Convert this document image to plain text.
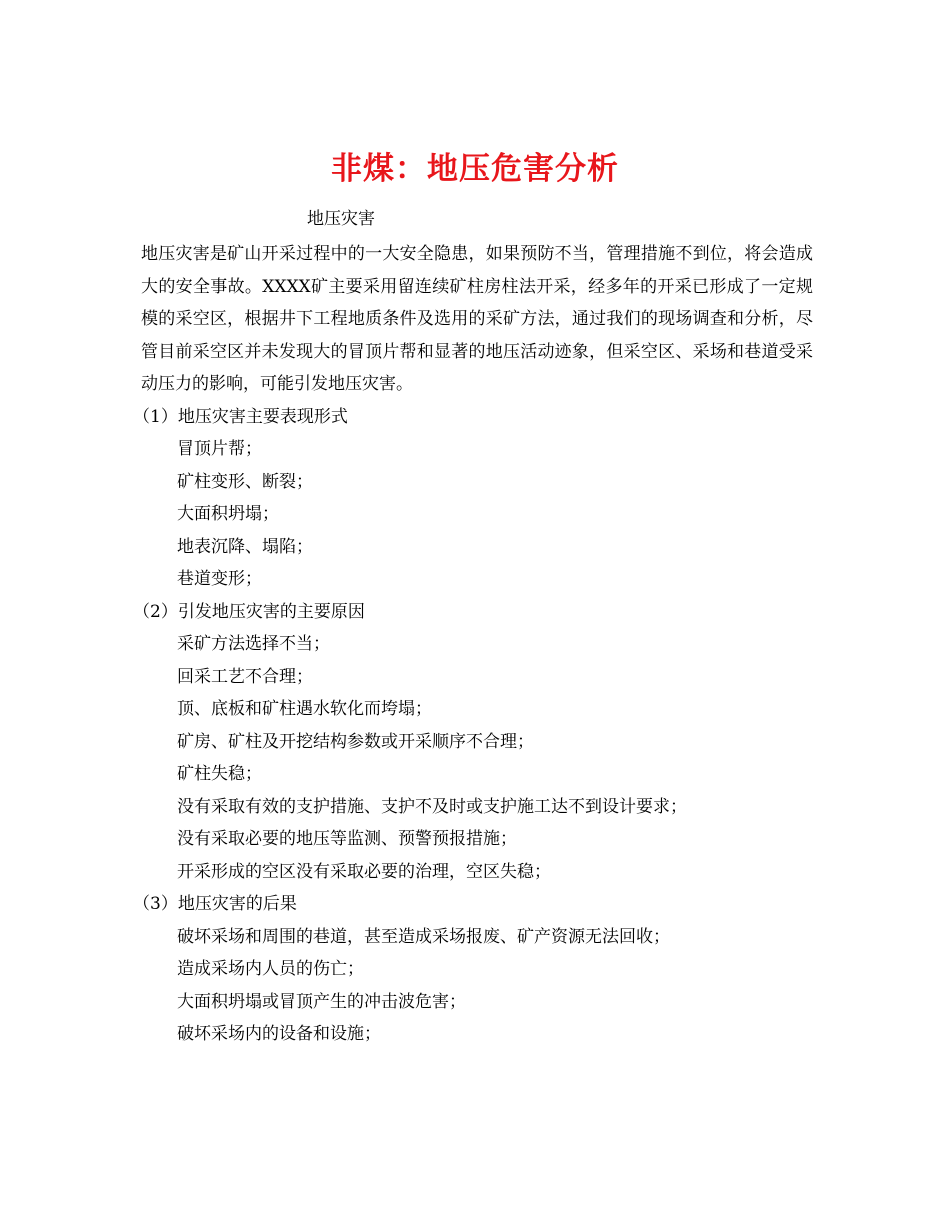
非煤：地压危害分析
地压灾害

地压灾害是矿山开采过程中的一大安全隐患，如果预防不当，管理措施不到位，将会造成大的安全事故。XXXX矿主要采用留连续矿柱房柱法开采，经多年的开采已形成了一定规模的采空区，根据井下工程地质条件及选用的采矿方法，通过我们的现场调查和分析，尽管目前采空区并未发现大的冒顶片帮和显著的地压活动迹象，但采空区、采场和巷道受采动压力的影响，可能引发地压灾害。

（1）地压灾害主要表现形式

冒顶片帮；
矿柱变形、断裂；
大面积坍塌；
地表沉降、塌陷；
巷道变形；

（2）引发地压灾害的主要原因

采矿方法选择不当；
回采工艺不合理；
顶、底板和矿柱遇水软化而垮塌；
矿房、矿柱及开挖结构参数或开采顺序不合理；
矿柱失稳；
没有采取有效的支护措施、支护不及时或支护施工达不到设计要求；
没有采取必要的地压等监测、预警预报措施；
开采形成的空区没有采取必要的治理，空区失稳；

（3）地压灾害的后果

破坏采场和周围的巷道，甚至造成采场报废、矿产资源无法回收；
造成采场内人员的伤亡；
大面积坍塌或冒顶产生的冲击波危害；
破坏采场内的设备和设施；
